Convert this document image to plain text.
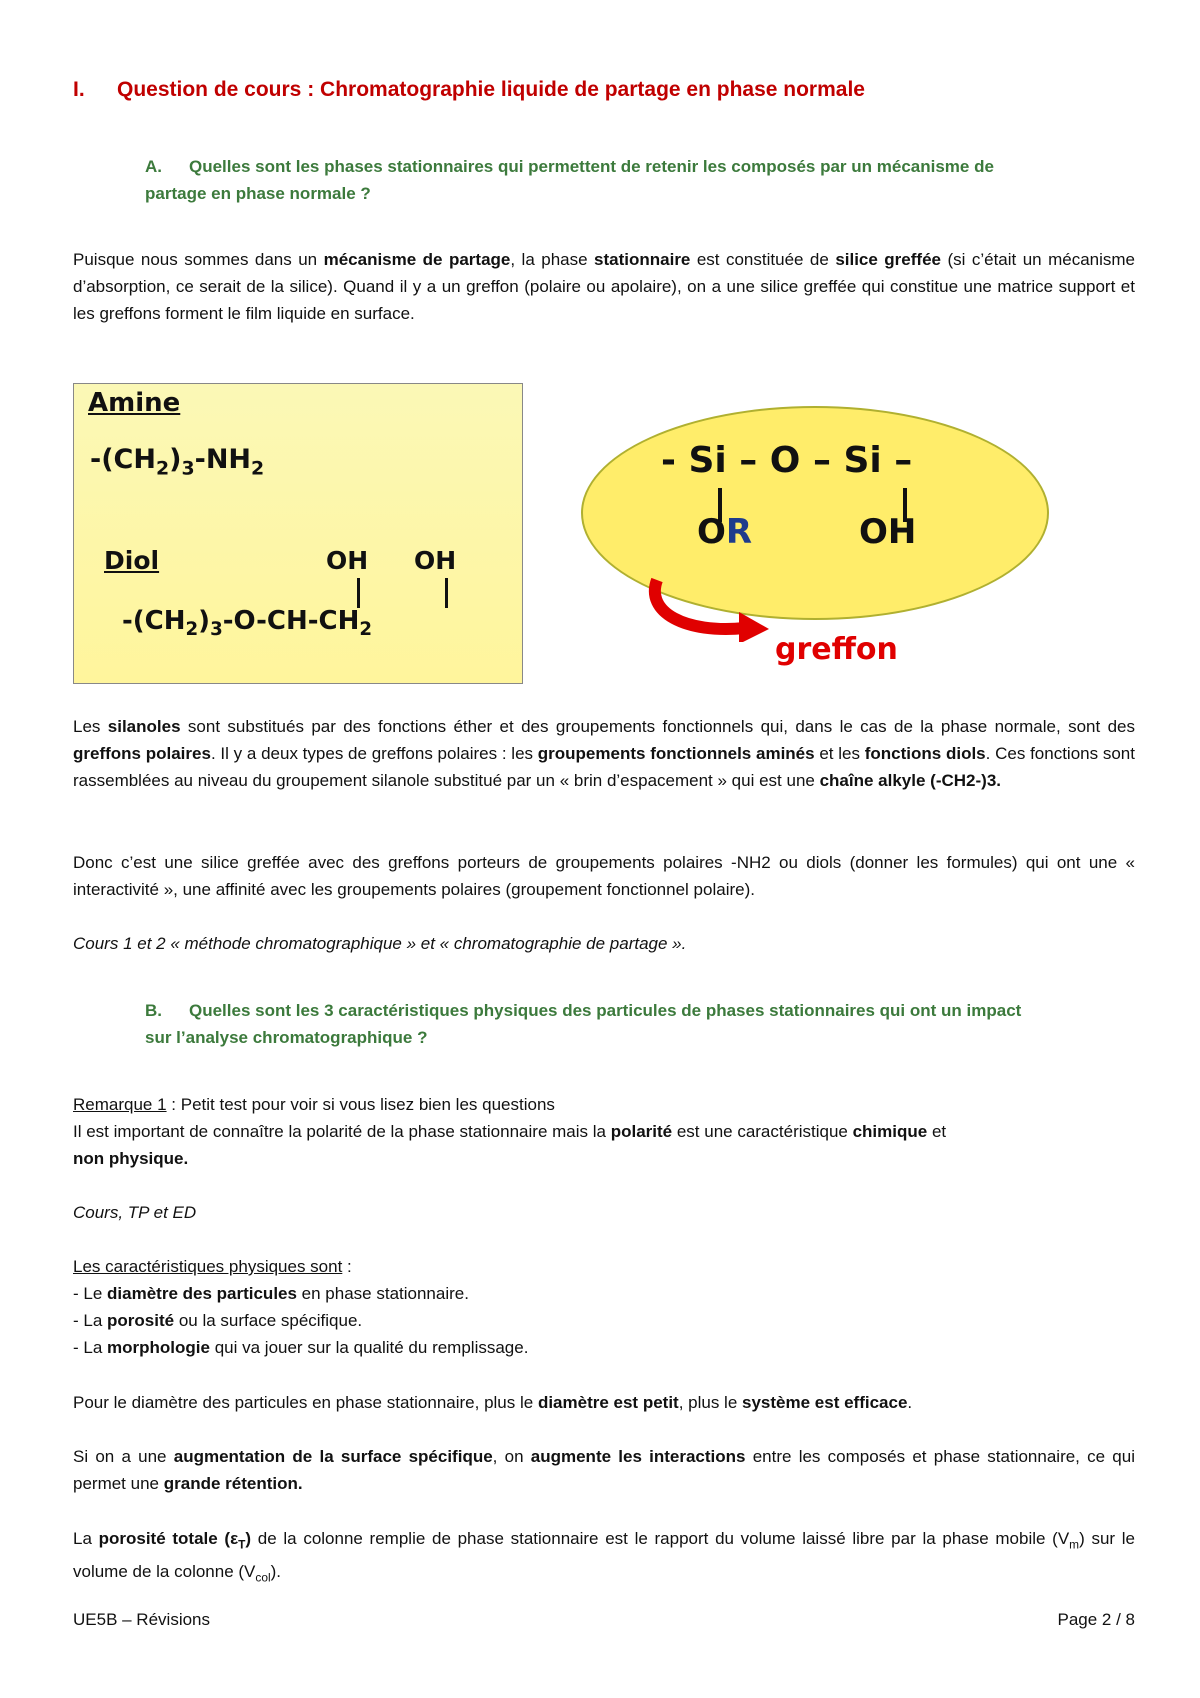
I. Question de cours : Chromatographie liquide de partage en phase normale
A. Quelles sont les phases stationnaires qui permettent de retenir les composés par un mécanisme de
partage en phase normale ?
Puisque nous sommes dans un mécanisme de partage, la phase stationnaire est constituée de silice greffée (si c’était un mécanisme d’absorption, ce serait de la silice). Quand il y a un greffon (polaire ou apolaire), on a une silice greffée qui constitue une matrice support et les greffons forment le film liquide en surface.
Amine
$-(CH_2)_3-NH_2$
Diol	OH OH
$-(CH_2)_3-O-CH-CH_2$
- Si – O – Si –
OR	OH
greffon
Les silanoles sont substitués par des fonctions éther et des groupements fonctionnels qui, dans le cas de la phase normale, sont des greffons polaires. Il y a deux types de greffons polaires : les groupements fonctionnels aminés et les fonctions diols. Ces fonctions sont rassemblées au niveau du groupement silanole substitué par un « brin d’espacement » qui est une chaîne alkyle (-CH2-)3.
Donc c’est une silice greffée avec des greffons porteurs de groupements polaires -NH2 ou diols (donner les formules) qui ont une « interactivité », une affinité avec les groupements polaires (groupement fonctionnel polaire).
Cours 1 et 2 « méthode chromatographique » et « chromatographie de partage ».
B. Quelles sont les 3 caractéristiques physiques des particules de phases stationnaires qui ont un impact
sur l’analyse chromatographique ?
Remarque 1 : Petit test pour voir si vous lisez bien les questions
Il est important de connaître la polarité de la phase stationnaire mais la polarité est une caractéristique chimique et
non physique.
Cours, TP et ED
Les caractéristiques physiques sont :
- Le diamètre des particules en phase stationnaire.
- La porosité ou la surface spécifique.
- La morphologie qui va jouer sur la qualité du remplissage.
Pour le diamètre des particules en phase stationnaire, plus le diamètre est petit, plus le système est efficace.
Si on a une augmentation de la surface spécifique, on augmente les interactions entre les composés et phase stationnaire, ce qui permet une grande rétention.
La porosité totale $(\varepsilon_T)$ de la colonne remplie de phase stationnaire est le rapport du volume laissé libre par la phase mobile $(V_m)$ sur le volume de la colonne $(V_{col})$.
UE5B – Révisions	Page 2 / 8
